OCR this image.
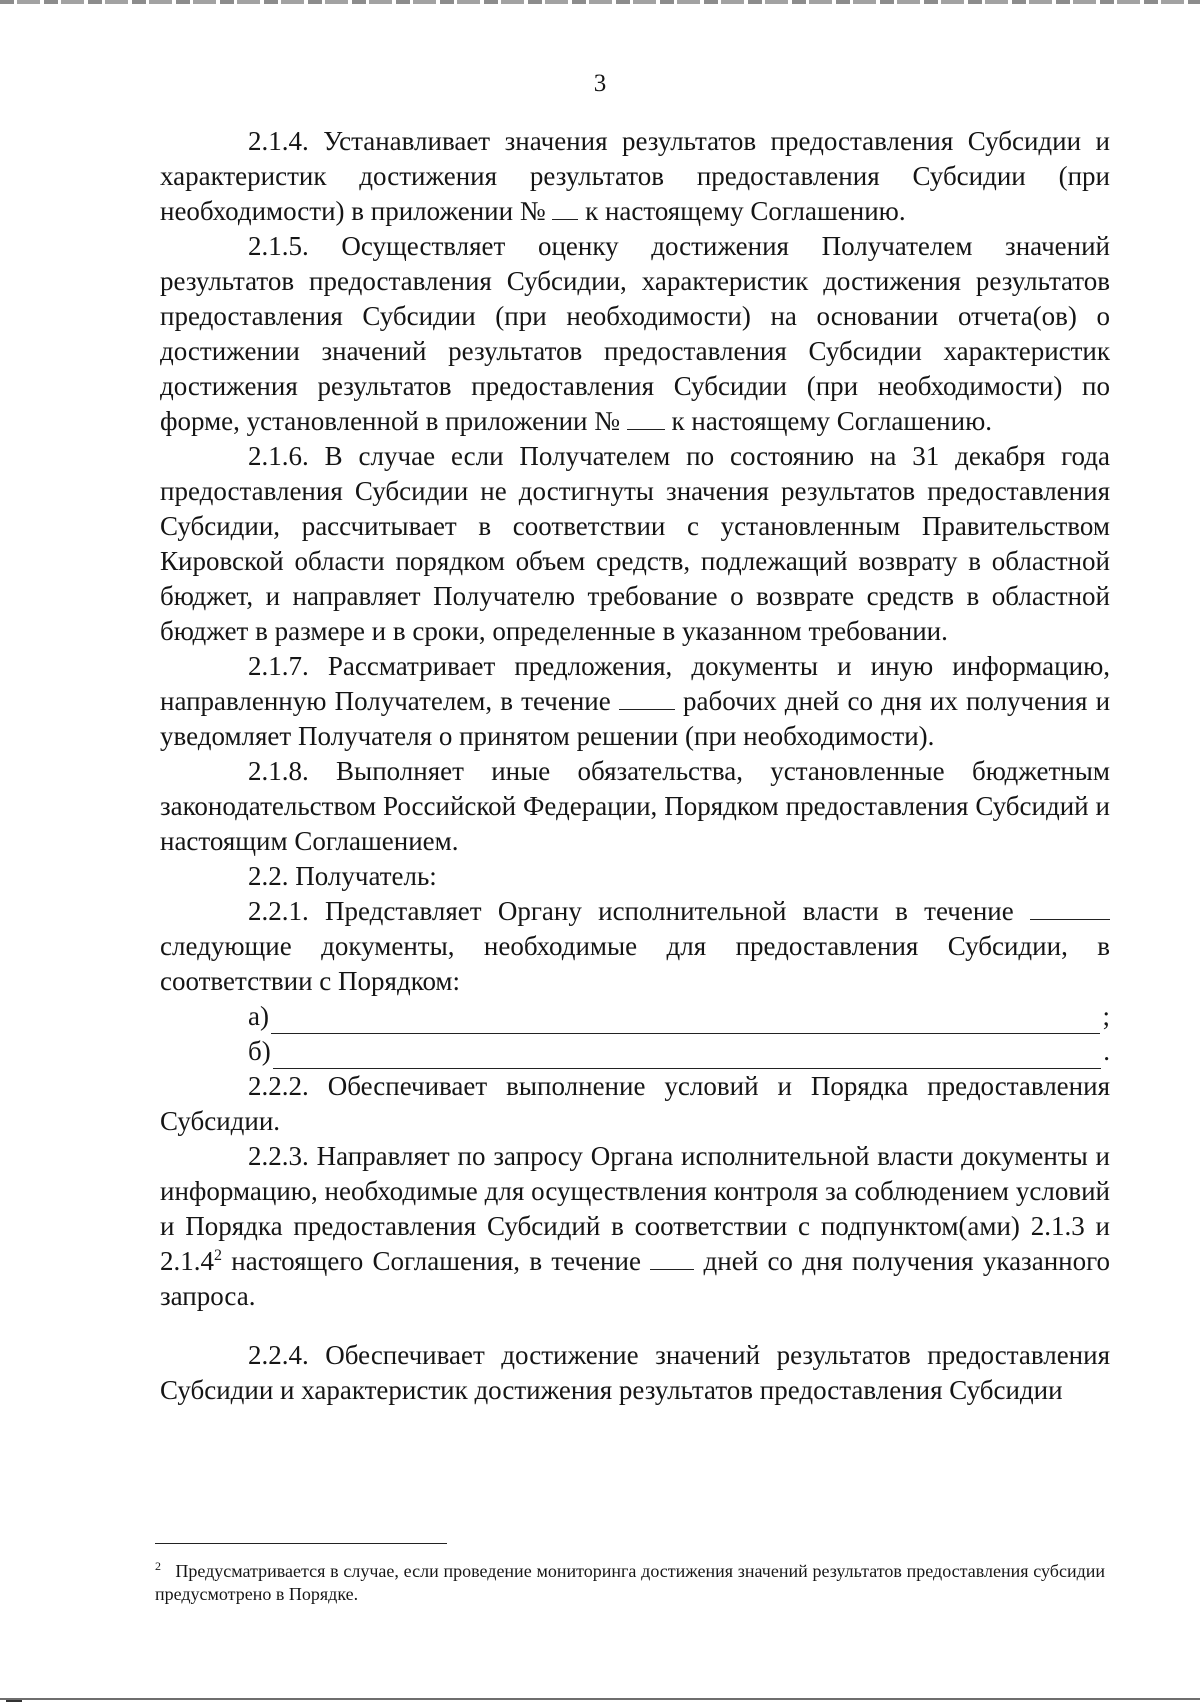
3

2.1.4. Устанавливает значения результатов предоставления Субсидии и характеристик достижения результатов предоставления Субсидии (при необходимости) в приложении № к настоящему Соглашению.

2.1.5. Осуществляет оценку достижения Получателем значений результатов предоставления Субсидии, характеристик достижения результатов предоставления Субсидии (при необходимости) на основании отчета(ов) о достижении значений результатов предоставления Субсидии характеристик достижения результатов предоставления Субсидии (при необходимости) по форме, установленной в приложении № к настоящему Соглашению.

2.1.6. В случае если Получателем по состоянию на 31 декабря года предоставления Субсидии не достигнуты значения результатов предоставления Субсидии, рассчитывает в соответствии с установленным Правительством Кировской области порядком объем средств, подлежащий возврату в областной бюджет, и направляет Получателю требование о возврате средств в областной бюджет в размере и в сроки, определенные в указанном требовании.

2.1.7. Рассматривает предложения, документы и иную информацию, направленную Получателем, в течение	рабочих дней со дня их получения и уведомляет Получателя о принятом решении (при необходимости).

2.1.8. Выполняет иные обязательства, установленные бюджетным законодательством Российской Федерации, Порядком предоставления Субсидий и настоящим Соглашением.

2.2. Получатель:

2.2.1. Представляет Органу исполнительной власти в течение  следующие документы, необходимые для предоставления Субсидии, в соответствии с Порядком:

а)	;
б)	.

2.2.2. Обеспечивает выполнение условий и Порядка предоставления Субсидии.

2.2.3. Направляет по запросу Органа исполнительной власти документы и информацию, необходимые для осуществления контроля за соблюдением условий и Порядка предоставления Субсидий в соответствии с подпунктом(ами) 2.1.3 и 2.1.4$^2$ настоящего Соглашения, в течение дней со дня получения указанного запроса.

2.2.4. Обеспечивает достижение значений результатов предоставления Субсидии и характеристик достижения результатов предоставления Субсидии

$^2$ Предусматривается в случае, если проведение мониторинга достижения значений результатов предоставления субсидии предусмотрено в Порядке.
